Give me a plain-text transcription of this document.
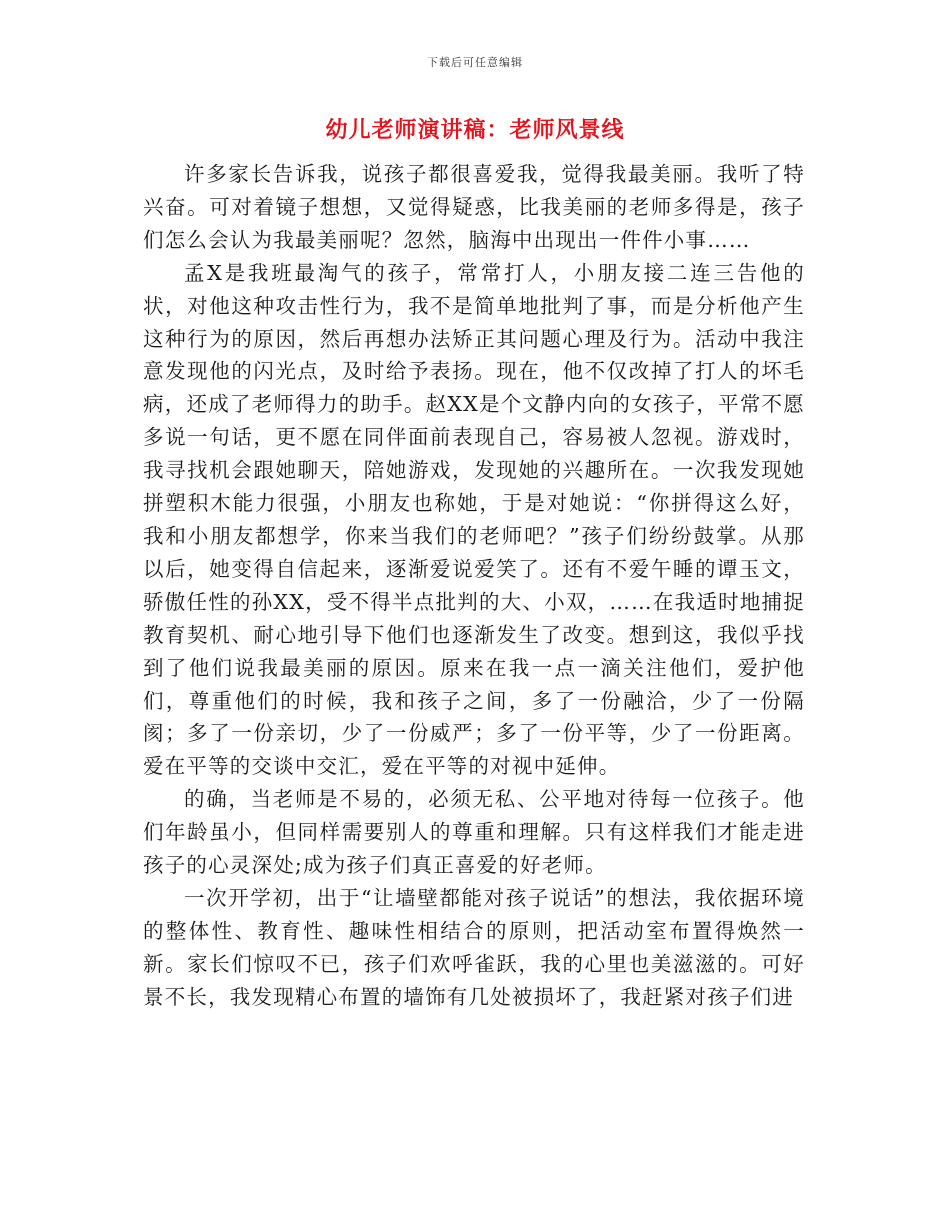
下载后可任意编辑
幼儿老师演讲稿：老师风景线

许多家长告诉我，说孩子都很喜爱我，觉得我最美丽。我听了特兴奋。可对着镜子想想，又觉得疑惑，比我美丽的老师多得是，孩子们怎么会认为我最美丽呢？忽然，脑海中出现出一件件小事……

孟X是我班最淘气的孩子，常常打人，小朋友接二连三告他的状，对他这种攻击性行为，我不是简单地批判了事，而是分析他产生这种行为的原因，然后再想办法矫正其问题心理及行为。活动中我注意发现他的闪光点，及时给予表扬。现在，他不仅改掉了打人的坏毛病，还成了老师得力的助手。赵XX是个文静内向的女孩子，平常不愿多说一句话，更不愿在同伴面前表现自己，容易被人忽视。游戏时，我寻找机会跟她聊天，陪她游戏，发现她的兴趣所在。一次我发现她拼塑积木能力很强，小朋友也称她，于是对她说：“你拼得这么好，我和小朋友都想学，你来当我们的老师吧？”孩子们纷纷鼓掌。从那以后，她变得自信起来，逐渐爱说爱笑了。还有不爱午睡的谭玉文，骄傲任性的孙XX，受不得半点批判的大、小双，……在我适时地捕捉教育契机、耐心地引导下他们也逐渐发生了改变。想到这，我似乎找到了他们说我最美丽的原因。原来在我一点一滴关注他们，爱护他们，尊重他们的时候，我和孩子之间，多了一份融洽，少了一份隔阂；多了一份亲切，少了一份威严；多了一份平等，少了一份距离。爱在平等的交谈中交汇，爱在平等的对视中延伸。

的确，当老师是不易的，必须无私、公平地对待每一位孩子。他们年龄虽小，但同样需要别人的尊重和理解。只有这样我们才能走进孩子的心灵深处;成为孩子们真正喜爱的好老师。

一次开学初，出于“让墙壁都能对孩子说话”的想法，我依据环境的整体性、教育性、趣味性相结合的原则，把活动室布置得焕然一新。家长们惊叹不已，孩子们欢呼雀跃，我的心里也美滋滋的。可好景不长，我发现精心布置的墙饰有几处被损坏了，我赶紧对孩子们进
